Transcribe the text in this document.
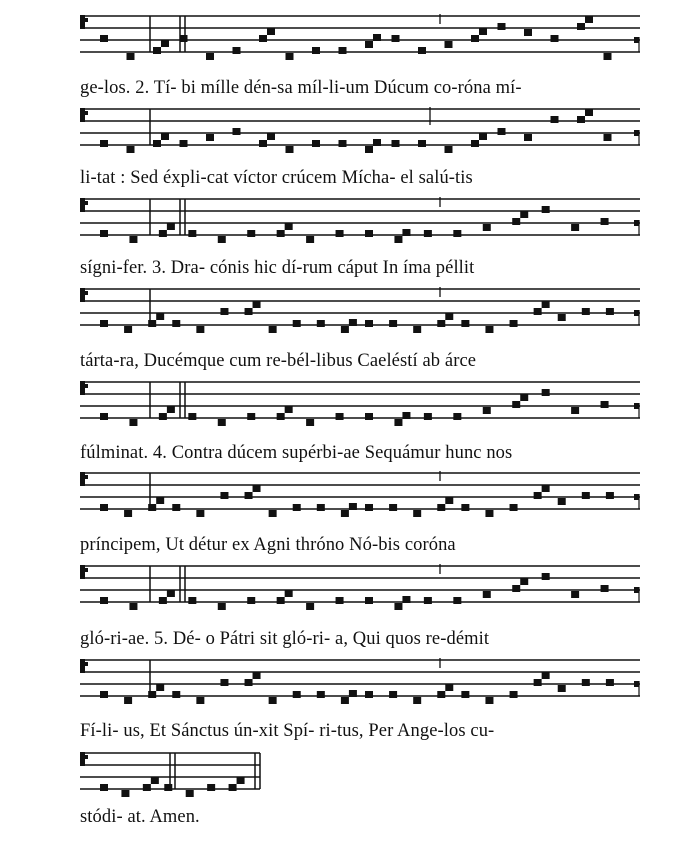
ge-los. 2. Tí- bi mílle dén-sa míl-li-um Dúcum co-róna mí-
li-tat : Sed éxpli-cat víctor crúcem Mícha- el salú-tis
sígni-fer. 3. Dra- cónis hic dí-rum cáput In íma péllit
tárta-ra, Ducémque cum re-bél-libus Caeléstí ab árce
fúlminat. 4. Contra dúcem supérbi-ae Sequámur hunc nos
príncipem, Ut détur ex Agni thróno Nó-bis coróna
gló-ri-ae. 5. Dé- o Pátri sit gló-ri- a, Qui quos re-démit
Fí-li- us, Et Sánctus ún-xit Spí- ri-tus, Per Ange-los cu-
stódi- at. Amen.
